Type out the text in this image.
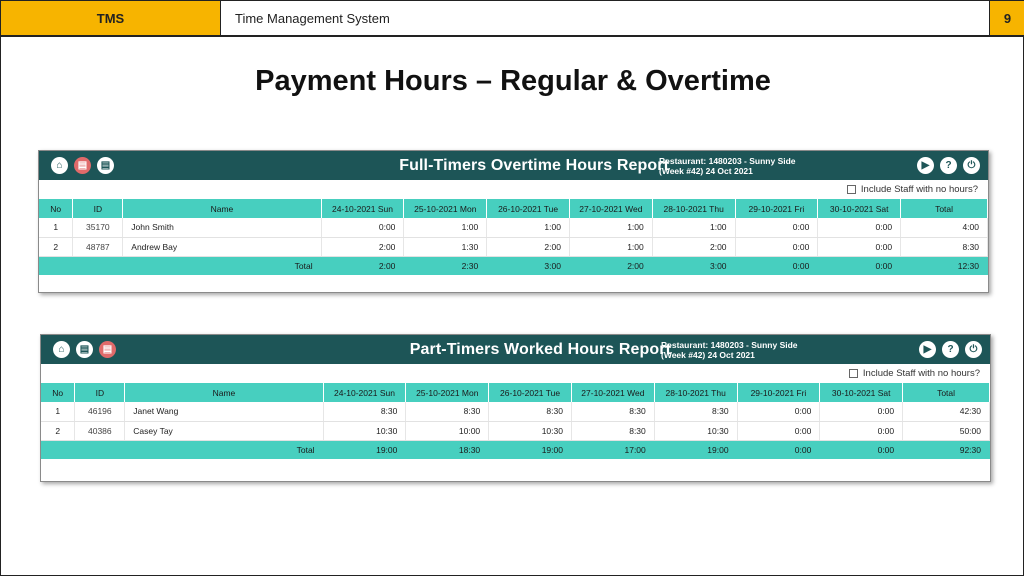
TMS	Time Management System	9
Payment Hours – Regular & Overtime
⌂	▤	▤	Full-Timers Overtime Hours Report
Restaurant: 1480203 - Sunny Side
(Week #42) 24 Oct 2021	▶	?	⏻
Include Staff with no hours?
No	ID	Name	24-10-2021 Sun	25-10-2021 Mon	26-10-2021 Tue	27-10-2021 Wed	28-10-2021 Thu	29-10-2021 Fri	30-10-2021 Sat	Total
1	35170	John Smith	0:00	1:00	1:00	1:00	1:00	0:00	0:00	4:00
2	48787	Andrew Bay	2:00	1:30	2:00	1:00	2:00	0:00	0:00	8:30
Total			2:00	2:30	3:00	2:00	3:00	0:00	0:00	12:30
⌂	▤	▤	Part-Timers Worked Hours Report
Restaurant: 1480203 - Sunny Side
(Week #42) 24 Oct 2021	▶	?	⏻
Include Staff with no hours?
No	ID	Name	24-10-2021 Sun	25-10-2021 Mon	26-10-2021 Tue	27-10-2021 Wed	28-10-2021 Thu	29-10-2021 Fri	30-10-2021 Sat	Total
1	46196	Janet Wang	8:30	8:30	8:30	8:30	8:30	0:00	0:00	42:30
2	40386	Casey Tay	10:30	10:00	10:30	8:30	10:30	0:00	0:00	50:00
Total			19:00	18:30	19:00	17:00	19:00	0:00	0:00	92:30
